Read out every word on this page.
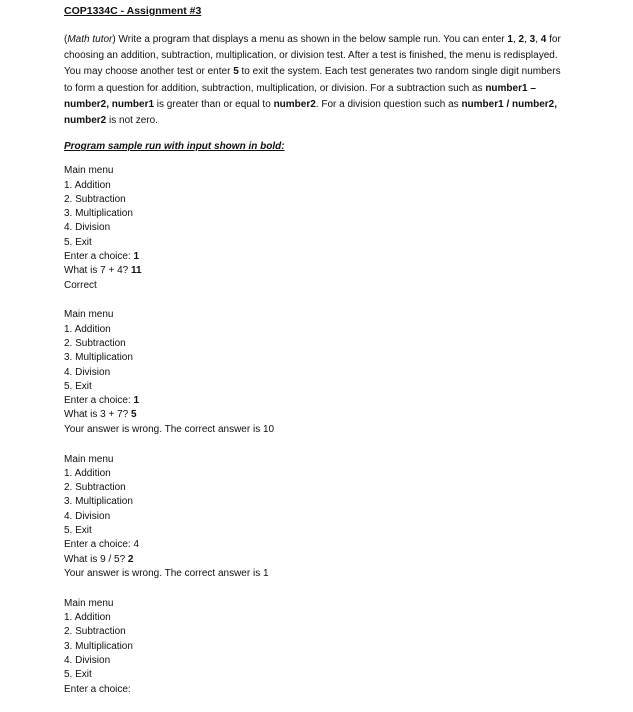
COP1334C - Assignment #3

(Math tutor) Write a program that displays a menu as shown in the below sample run. You can enter 1, 2, 3, 4 for choosing an addition, subtraction, multiplication, or division test. After a test is finished, the menu is redisplayed. You may choose another test or enter 5 to exit the system. Each test generates two random single digit numbers to form a question for addition, subtraction, multiplication, or division. For a subtraction such as number1 – number2, number1 is greater than or equal to number2. For a division question such as number1 / number2, number2 is not zero.

Program sample run with input shown in bold:

Main menu
1. Addition
2. Subtraction
3. Multiplication
4. Division
5. Exit
Enter a choice: 1
What is 7 + 4? 11
Correct
Main menu
1. Addition
2. Subtraction
3. Multiplication
4. Division
5. Exit
Enter a choice: 1
What is 3 + 7? 5
Your answer is wrong. The correct answer is 10
Main menu
1. Addition
2. Subtraction
3. Multiplication
4. Division
5. Exit
Enter a choice: 4
What is 9 / 5? 2
Your answer is wrong. The correct answer is 1
Main menu
1. Addition
2. Subtraction
3. Multiplication
4. Division
5. Exit
Enter a choice:
